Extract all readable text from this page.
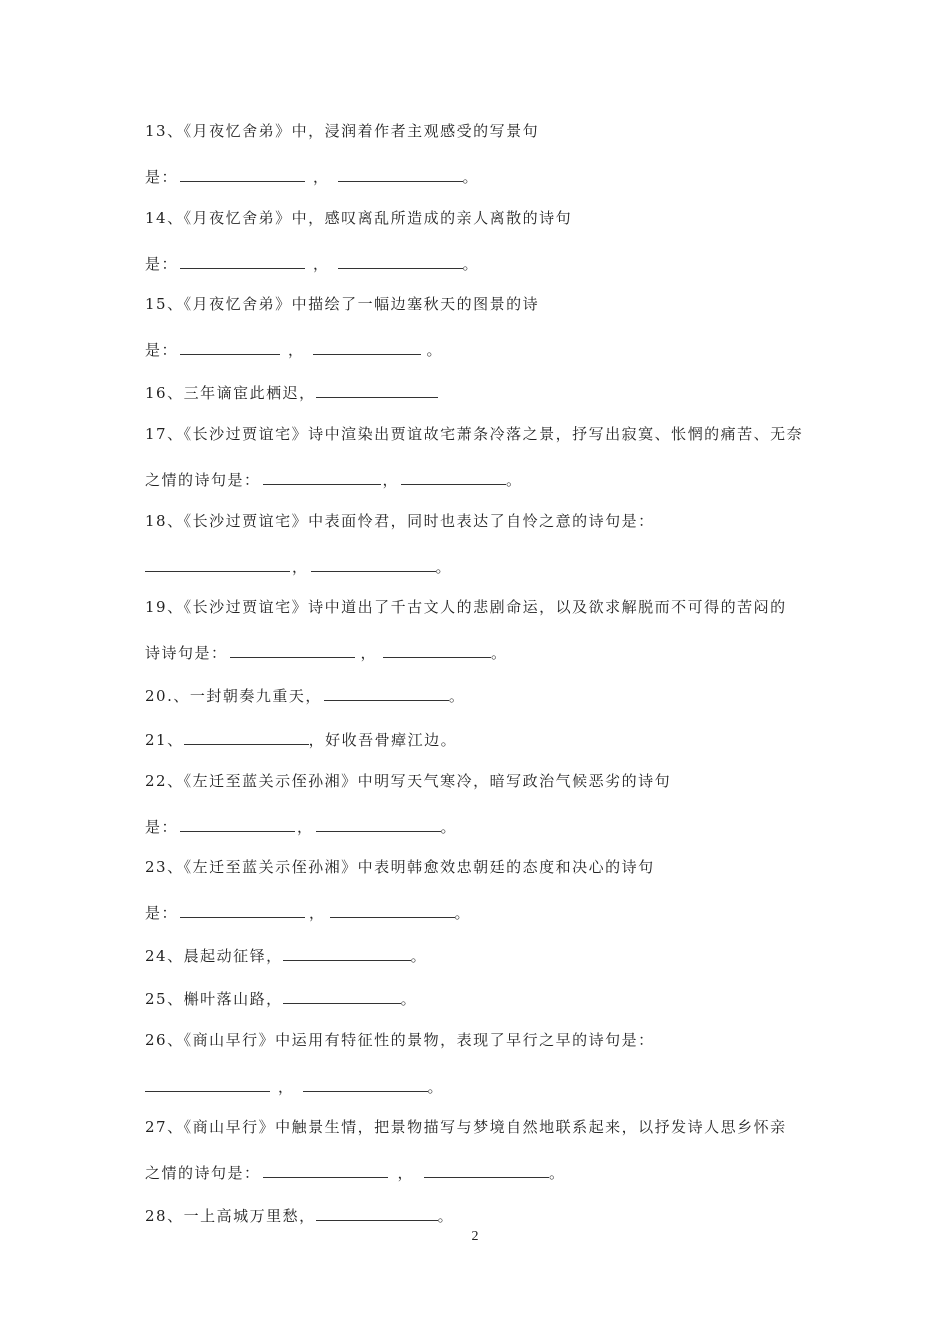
13、《月夜忆舍弟》中，浸润着作者主观感受的写景句
是：	，	。
14、《月夜忆舍弟》中，感叹离乱所造成的亲人离散的诗句
是：	，	。
15、《月夜忆舍弟》中描绘了一幅边塞秋天的图景的诗
是：	，	。
16、三年谪宦此栖迟，
17、《长沙过贾谊宅》诗中渲染出贾谊故宅萧条冷落之景，抒写出寂寞、怅惘的痛苦、无奈
之情的诗句是：	，	。
18、《长沙过贾谊宅》中表面怜君，同时也表达了自怜之意的诗句是：
，	。
19、《长沙过贾谊宅》诗中道出了千古文人的悲剧命运，以及欲求解脱而不可得的苦闷的
诗诗句是：	，	。
20.、一封朝奏九重天，	。
21、	，好收吾骨瘴江边。
22、《左迁至蓝关示侄孙湘》中明写天气寒冷，暗写政治气候恶劣的诗句
是：	，	。
23、《左迁至蓝关示侄孙湘》中表明韩愈效忠朝廷的态度和决心的诗句
是：	，	。
24、晨起动征铎，	。
25、槲叶落山路，	。
26、《商山早行》中运用有特征性的景物，表现了早行之早的诗句是：
，	。
27、《商山早行》中触景生情，把景物描写与梦境自然地联系起来，以抒发诗人思乡怀亲
之情的诗句是：	，	。
28、一上高城万里愁，	。
2
